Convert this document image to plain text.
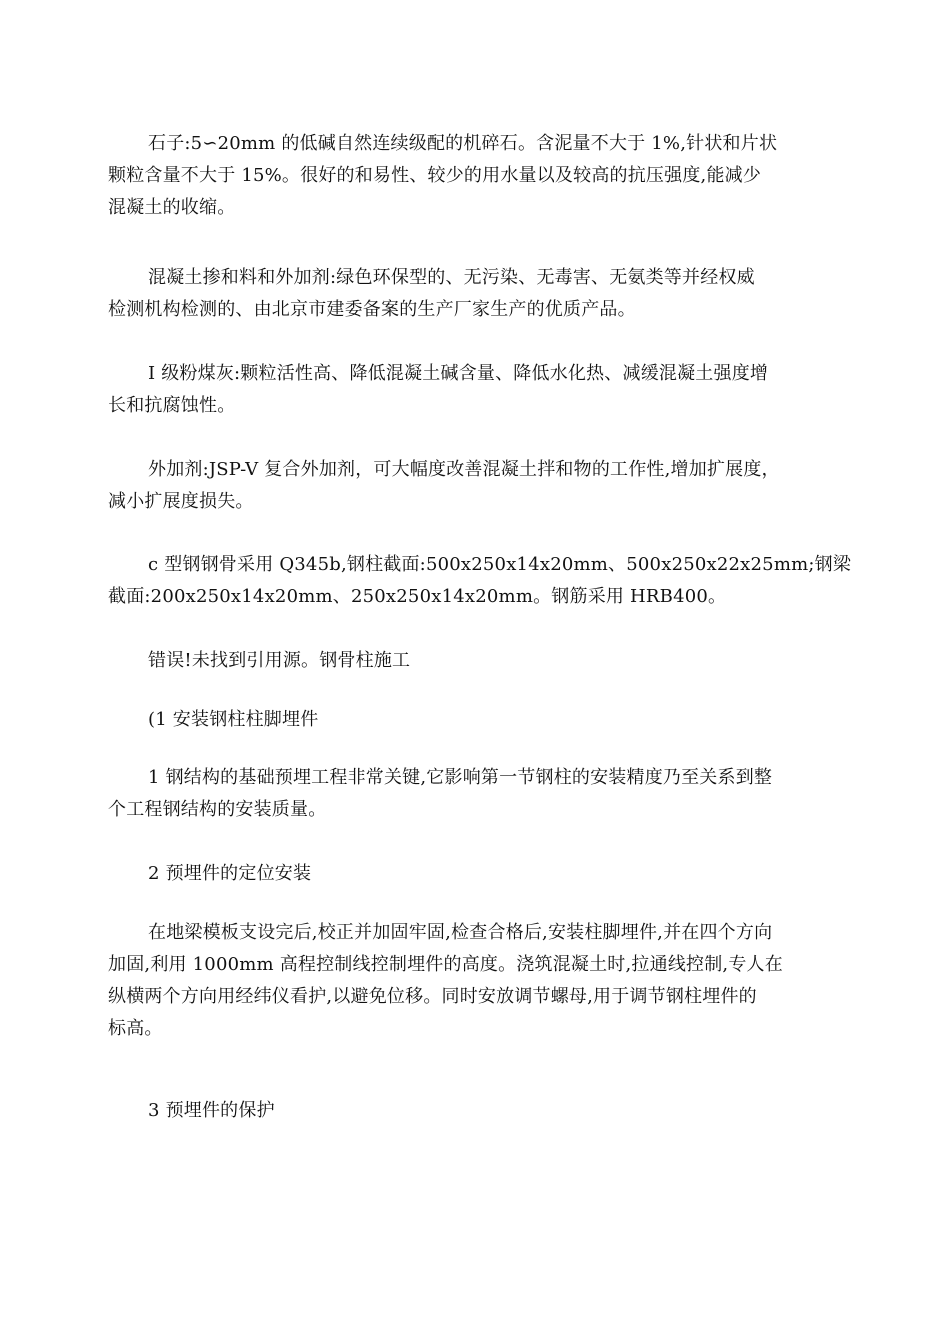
石子:5∽20mm 的低碱自然连续级配的机碎石。含泥量不大于 1%,针状和片状
颗粒含量不大于 15%。很好的和易性、较少的用水量以及较高的抗压强度,能减少
混凝土的收缩。
混凝土掺和料和外加剂:绿色环保型的、无污染、无毒害、无氨类等并经权威
检测机构检测的、由北京市建委备案的生产厂家生产的优质产品。
I 级粉煤灰:颗粒活性高、降低混凝土碱含量、降低水化热、减缓混凝土强度增
长和抗腐蚀性。
外加剂:JSP-V 复合外加剂，可大幅度改善混凝土拌和物的工作性,增加扩展度，
减小扩展度损失。
c 型钢钢骨采用 Q345b,钢柱截面:500x250x14x20mm、500x250x22x25mm;钢梁
截面:200x250x14x20mm、250x250x14x20mm。钢筋采用 HRB400。
错误!未找到引用源。钢骨柱施工
(1 安装钢柱柱脚埋件
1 钢结构的基础预埋工程非常关键,它影响第一节钢柱的安装精度乃至关系到整
个工程钢结构的安装质量。
2 预埋件的定位安装
在地梁模板支设完后,校正并加固牢固,检查合格后,安装柱脚埋件,并在四个方向
加固,利用 1000mm 高程控制线控制埋件的高度。浇筑混凝土时,拉通线控制,专人在
纵横两个方向用经纬仪看护,以避免位移。同时安放调节螺母,用于调节钢柱埋件的
标高。
3 预埋件的保护
